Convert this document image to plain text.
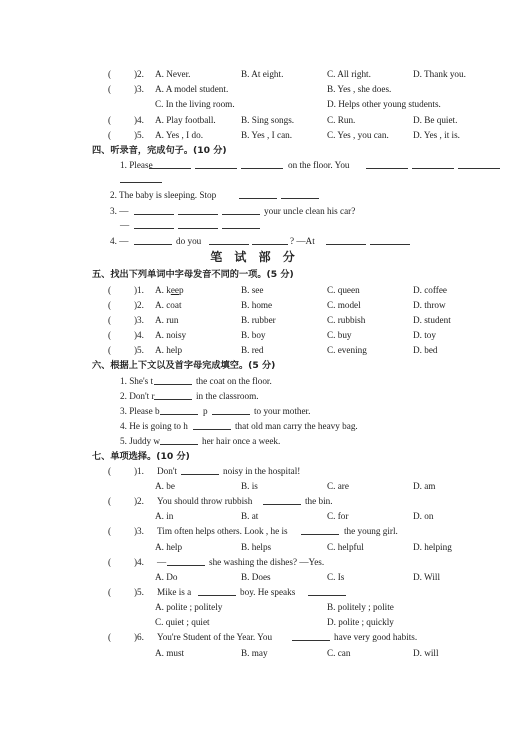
( )2. A. Never.	B. At eight.	C. All right.	D. Thank you.
( )3. A. A model student.	B. Yes , she does.
C. In the living room.	D. Helps other young students.
( )4. A. Play football.	B. Sing songs.	C. Run.	D. Be quiet.
( )5. A. Yes , I do.	B. Yes , I can.	C. Yes , you can.	D. Yes , it is.
四、听录音，完成句子。(10 分)
1. Please	on the floor. You
2. The baby is sleeping. Stop
3. —	your uncle clean his car?
—
4. —	do you	? —At
笔 试 部 分
五、找出下列单词中字母发音不同的一项。(5 分)
( )1. A. keep	B. see	C. queen	D. coffee
( )2. A. coat	B. home	C. model	D. throw
( )3. A. run	B. rubber	C. rubbish	D. student
( )4. A. noisy	B. boy	C. buy	D. toy
( )5. A. help	B. red	C. evening	D. bed
六、根据上下文以及首字母完成填空。(5 分)
1. She's t	the coat on the floor.
2. Don't r	in the classroom.
3. Please b	p	to your mother.
4. He is going to h	that old man carry the heavy bag.
5. Juddy w	her hair once a week.
七、单项选择。(10 分)
( )1. Don't	noisy in the hospital!
A. be	B. is	C. are	D. am
( )2. You should throw rubbish	the bin.
A. in	B. at	C. for	D. on
( )3. Tim often helps others. Look , he is	the young girl.
A. help	B. helps	C. helpful	D. helping
( )4. —	she washing the dishes? —Yes.
A. Do	B. Does	C. Is	D. Will
( )5. Mike is a	boy. He speaks
A. polite ; politely	B. politely ; polite
C. quiet ; quiet	D. polite ; quickly
( )6. You're Student of the Year. You	have very good habits.
A. must	B. may	C. can	D. will
